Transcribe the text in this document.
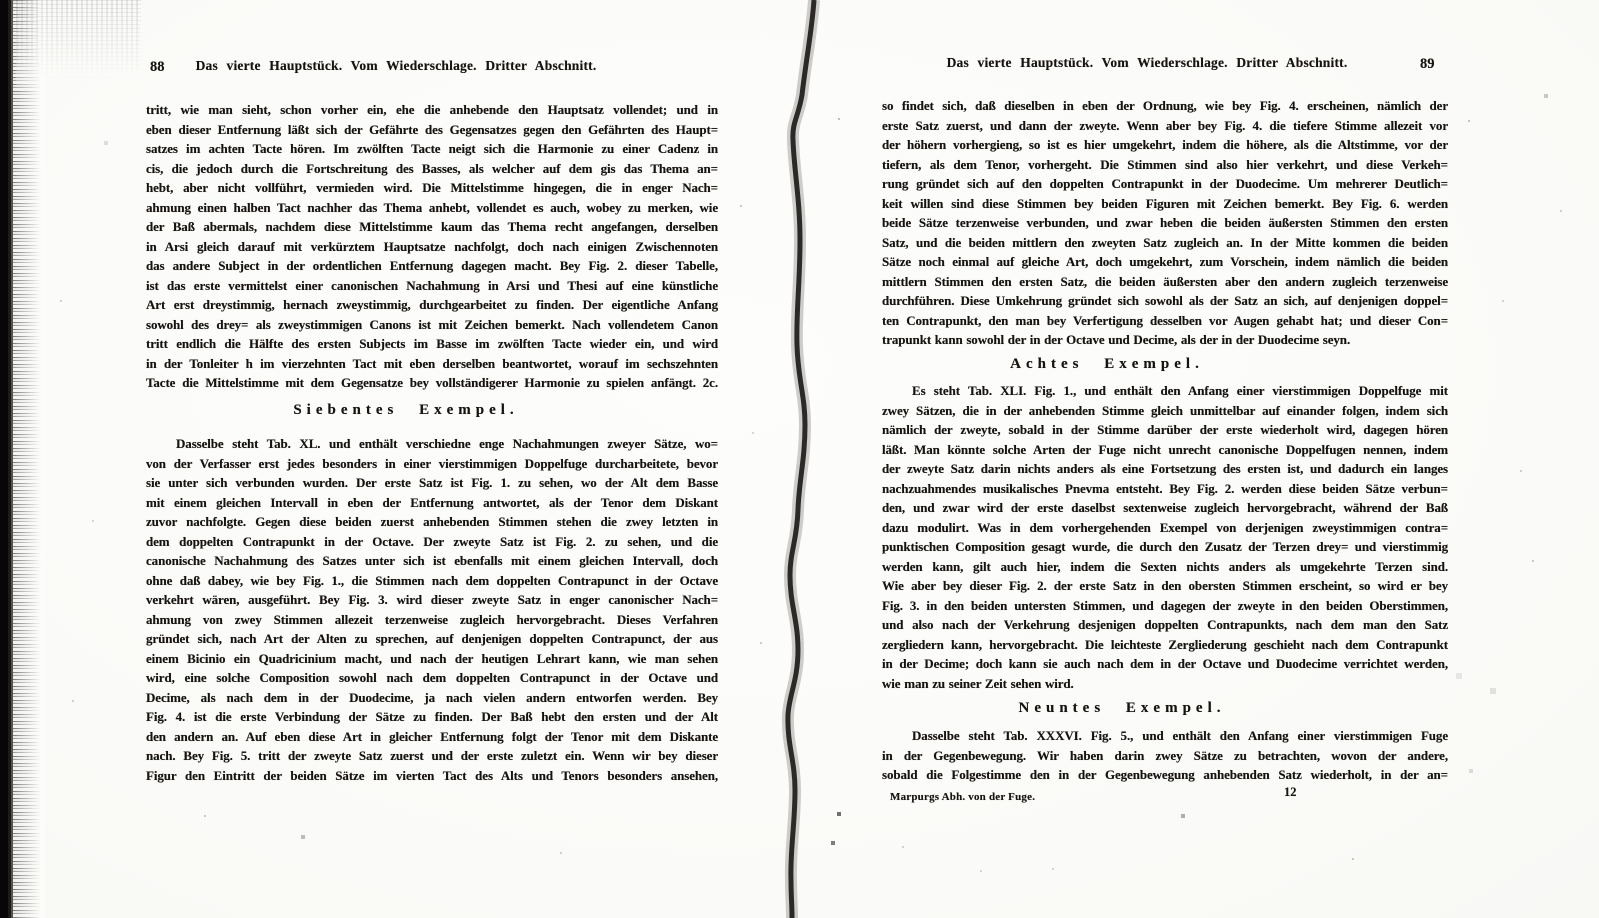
88	Das vierte Hauptstück. Vom Wiederschlage. Dritter Abschnitt.
tritt, wie man sieht, schon vorher ein, ehe die anhebende den Hauptsatz vollendet; und in
eben dieser Entfernung läßt sich der Gefährte des Gegensatzes gegen den Gefährten des Haupt=
satzes im achten Tacte hören. Im zwölften Tacte neigt sich die Harmonie zu einer Cadenz in
cis, die jedoch durch die Fortschreitung des Basses, als welcher auf dem gis das Thema an=
hebt, aber nicht vollführt, vermieden wird. Die Mittelstimme hingegen, die in enger Nach=
ahmung einen halben Tact nachher das Thema anhebt, vollendet es auch, wobey zu merken, wie
der Baß abermals, nachdem diese Mittelstimme kaum das Thema recht angefangen, derselben
in Arsi gleich darauf mit verkürztem Hauptsatze nachfolgt, doch nach einigen Zwischennoten
das andere Subject in der ordentlichen Entfernung dagegen macht. Bey Fig. 2. dieser Tabelle,
ist das erste vermittelst einer canonischen Nachahmung in Arsi und Thesi auf eine künstliche
Art erst dreystimmig, hernach zweystimmig, durchgearbeitet zu finden. Der eigentliche Anfang
sowohl des drey= als zweystimmigen Canons ist mit Zeichen bemerkt. Nach vollendetem Canon
tritt endlich die Hälfte des ersten Subjects im Basse im zwölften Tacte wieder ein, und wird
in der Tonleiter h im vierzehnten Tact mit eben derselben beantwortet, worauf im sechszehnten
Tacte die Mittelstimme mit dem Gegensatze bey vollständigerer Harmonie zu spielen anfängt. 2c.
Siebentes Exempel.
Dasselbe steht Tab. XL. und enthält verschiedne enge Nachahmungen zweyer Sätze, wo=
von der Verfasser erst jedes besonders in einer vierstimmigen Doppelfuge durcharbeitete, bevor
sie unter sich verbunden wurden. Der erste Satz ist Fig. 1. zu sehen, wo der Alt dem Basse
mit einem gleichen Intervall in eben der Entfernung antwortet, als der Tenor dem Diskant
zuvor nachfolgte. Gegen diese beiden zuerst anhebenden Stimmen stehen die zwey letzten in
dem doppelten Contrapunkt in der Octave. Der zweyte Satz ist Fig. 2. zu sehen, und die
canonische Nachahmung des Satzes unter sich ist ebenfalls mit einem gleichen Intervall, doch
ohne daß dabey, wie bey Fig. 1., die Stimmen nach dem doppelten Contrapunct in der Octave
verkehrt wären, ausgeführt. Bey Fig. 3. wird dieser zweyte Satz in enger canonischer Nach=
ahmung von zwey Stimmen allezeit terzenweise zugleich hervorgebracht. Dieses Verfahren
gründet sich, nach Art der Alten zu sprechen, auf denjenigen doppelten Contrapunct, der aus
einem Bicinio ein Quadricinium macht, und nach der heutigen Lehrart kann, wie man sehen
wird, eine solche Composition sowohl nach dem doppelten Contrapunct in der Octave und
Decime, als nach dem in der Duodecime, ja nach vielen andern entworfen werden. Bey
Fig. 4. ist die erste Verbindung der Sätze zu finden. Der Baß hebt den ersten und der Alt
den andern an. Auf eben diese Art in gleicher Entfernung folgt der Tenor mit dem Diskante
nach. Bey Fig. 5. tritt der zweyte Satz zuerst und der erste zuletzt ein. Wenn wir bey dieser
Figur den Eintritt der beiden Sätze im vierten Tact des Alts und Tenors besonders ansehen,
Das vierte Hauptstück. Vom Wiederschlage. Dritter Abschnitt.	89
so findet sich, daß dieselben in eben der Ordnung, wie bey Fig. 4. erscheinen, nämlich der
erste Satz zuerst, und dann der zweyte. Wenn aber bey Fig. 4. die tiefere Stimme allezeit vor
der höhern vorhergieng, so ist es hier umgekehrt, indem die höhere, als die Altstimme, vor der
tiefern, als dem Tenor, vorhergeht. Die Stimmen sind also hier verkehrt, und diese Verkeh=
rung gründet sich auf den doppelten Contrapunkt in der Duodecime. Um mehrerer Deutlich=
keit willen sind diese Stimmen bey beiden Figuren mit Zeichen bemerkt. Bey Fig. 6. werden
beide Sätze terzenweise verbunden, und zwar heben die beiden äußersten Stimmen den ersten
Satz, und die beiden mittlern den zweyten Satz zugleich an. In der Mitte kommen die beiden
Sätze noch einmal auf gleiche Art, doch umgekehrt, zum Vorschein, indem nämlich die beiden
mittlern Stimmen den ersten Satz, die beiden äußersten aber den andern zugleich terzenweise
durchführen. Diese Umkehrung gründet sich sowohl als der Satz an sich, auf denjenigen doppel=
ten Contrapunkt, den man bey Verfertigung desselben vor Augen gehabt hat; und dieser Con=
trapunkt kann sowohl der in der Octave und Decime, als der in der Duodecime seyn.
Achtes Exempel.
Es steht Tab. XLI. Fig. 1., und enthält den Anfang einer vierstimmigen Doppelfuge mit
zwey Sätzen, die in der anhebenden Stimme gleich unmittelbar auf einander folgen, indem sich
nämlich der zweyte, sobald in der Stimme darüber der erste wiederholt wird, dagegen hören
läßt. Man könnte solche Arten der Fuge nicht unrecht canonische Doppelfugen nennen, indem
der zweyte Satz darin nichts anders als eine Fortsetzung des ersten ist, und dadurch ein langes
nachzuahmendes musikalisches Pnevma entsteht. Bey Fig. 2. werden diese beiden Sätze verbun=
den, und zwar wird der erste daselbst sextenweise zugleich hervorgebracht, während der Baß
dazu modulirt. Was in dem vorhergehenden Exempel von derjenigen zweystimmigen contra=
punktischen Composition gesagt wurde, die durch den Zusatz der Terzen drey= und vierstimmig
werden kann, gilt auch hier, indem die Sexten nichts anders als umgekehrte Terzen sind.
Wie aber bey dieser Fig. 2. der erste Satz in den obersten Stimmen erscheint, so wird er bey
Fig. 3. in den beiden untersten Stimmen, und dagegen der zweyte in den beiden Oberstimmen,
und also nach der Verkehrung desjenigen doppelten Contrapunkts, nach dem man den Satz
zergliedern kann, hervorgebracht. Die leichteste Zergliederung geschieht nach dem Contrapunkt
in der Decime; doch kann sie auch nach dem in der Octave und Duodecime verrichtet werden,
wie man zu seiner Zeit sehen wird.
Neuntes Exempel.
Dasselbe steht Tab. XXXVI. Fig. 5., und enthält den Anfang einer vierstimmigen Fuge
in der Gegenbewegung. Wir haben darin zwey Sätze zu betrachten, wovon der andere,
sobald die Folgestimme den in der Gegenbewegung anhebenden Satz wiederholt, in der an=
Marpurgs Abh. von der Fuge.	12
